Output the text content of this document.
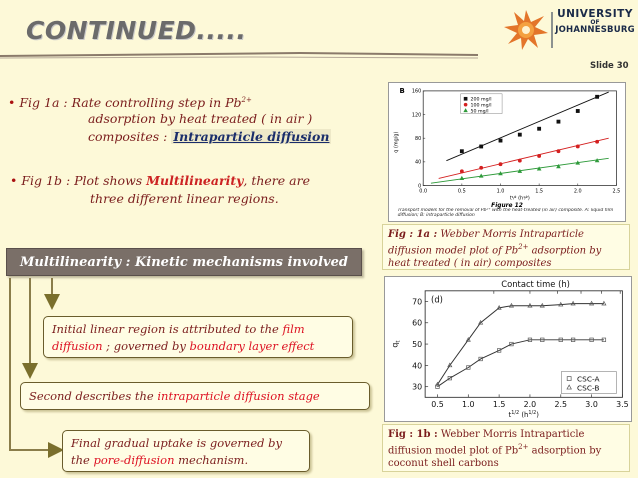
CONTINUED.....
UNIVERSITY
OF
JOHANNESBURG
Slide 30
• Fig 1a : Rate controlling step in $Pb^{2+}$
adsorption by heat treated ( in air )
composites : Intraparticle diffusion
• Fig 1b : Plot shows Multilinearity, there are
three different linear regions.
Multilinearity : Kinetic mechanisms involved
Initial linear region is attributed to the film diffusion ; governed by boundary layer effect
Second describes the intraparticle diffusion stage
Final gradual uptake is governed by
the pore-diffusion mechanism.
B
0.0	0.5	1.0	1.5	2.0	2.5
0
40
80
120
160
200 mg/l
100 mg/l
50 mg/l
q (mg/g)
t¹⁄² (h¹⁄²)
Figure 12
Transport models for the removal of Pb²⁺ with the heat-treated (in air) composite. A: liquid film diffusion; B: intraparticle diffusion
Fig : 1a : Webber Morris Intraparticle diffusion model plot of $Pb^{2+}$ adsorption by heat treated ( in air) composites
Contact time (h)
(d)
0.5 1.0 1.5 2.0 2.5 3.0 3.5
30
40
50
60
70
CSC-A
CSC-B
$q_t$
$t^{1/2}$ $(h^{1/2})$
Fig : 1b : Webber Morris Intraparticle diffusion model plot of $Pb^{2+}$ adsorption by coconut shell carbons
